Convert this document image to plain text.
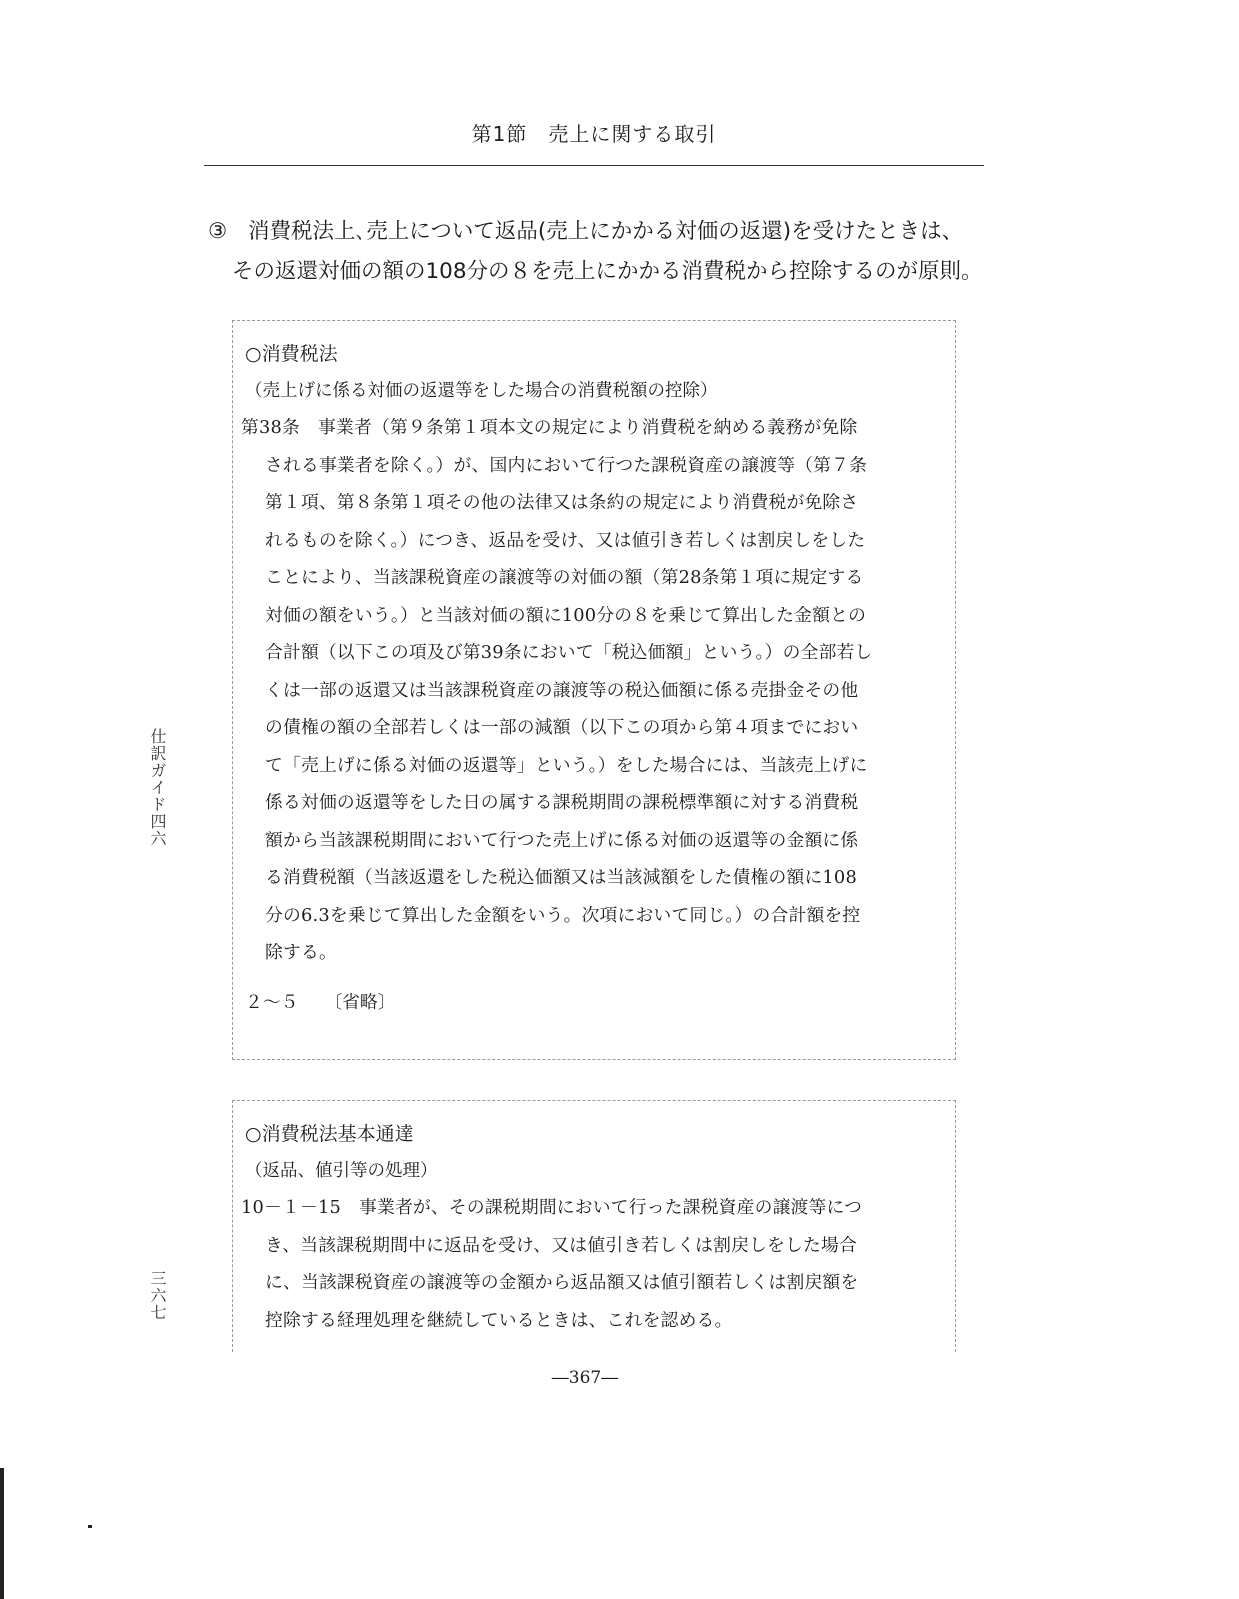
第1節　売上に関する取引
③ 消費税法上､売上について返品(売上にかかる対価の返還)を受けたときは、
その返還対価の額の108分の８を売上にかかる消費税から控除するのが原則。
○消費税法
（売上げに係る対価の返還等をした場合の消費税額の控除）
第38条 事業者（第９条第１項本文の規定により消費税を納める義務が免除
される事業者を除く。）が、国内において行つた課税資産の譲渡等（第７条
第１項、第８条第１項その他の法律又は条約の規定により消費税が免除さ
れるものを除く。）につき、返品を受け、又は値引き若しくは割戻しをした
ことにより、当該課税資産の譲渡等の対価の額（第28条第１項に規定する
対価の額をいう。）と当該対価の額に100分の８を乗じて算出した金額との
合計額（以下この項及び第39条において「税込価額」という。）の全部若し
くは一部の返還又は当該課税資産の譲渡等の税込価額に係る売掛金その他
の債権の額の全部若しくは一部の減額（以下この項から第４項までにおい
て「売上げに係る対価の返還等」という。）をした場合には、当該売上げに
係る対価の返還等をした日の属する課税期間の課税標準額に対する消費税
額から当該課税期間において行つた売上げに係る対価の返還等の金額に係
る消費税額（当該返還をした税込価額又は当該減額をした債権の額に108
分の6.3を乗じて算出した金額をいう。次項において同じ。）の合計額を控
除する。
２～５ 〔省略〕
○消費税法基本通達
（返品、値引等の処理）
10－１－15 事業者が、その課税期間において行った課税資産の譲渡等につ
き、当該課税期間中に返品を受け、又は値引き若しくは割戻しをした場合
に、当該課税資産の譲渡等の金額から返品額又は値引額若しくは割戻額を
控除する経理処理を継続しているときは、これを認める。
―367―
仕訳ガイド四六
三六七
